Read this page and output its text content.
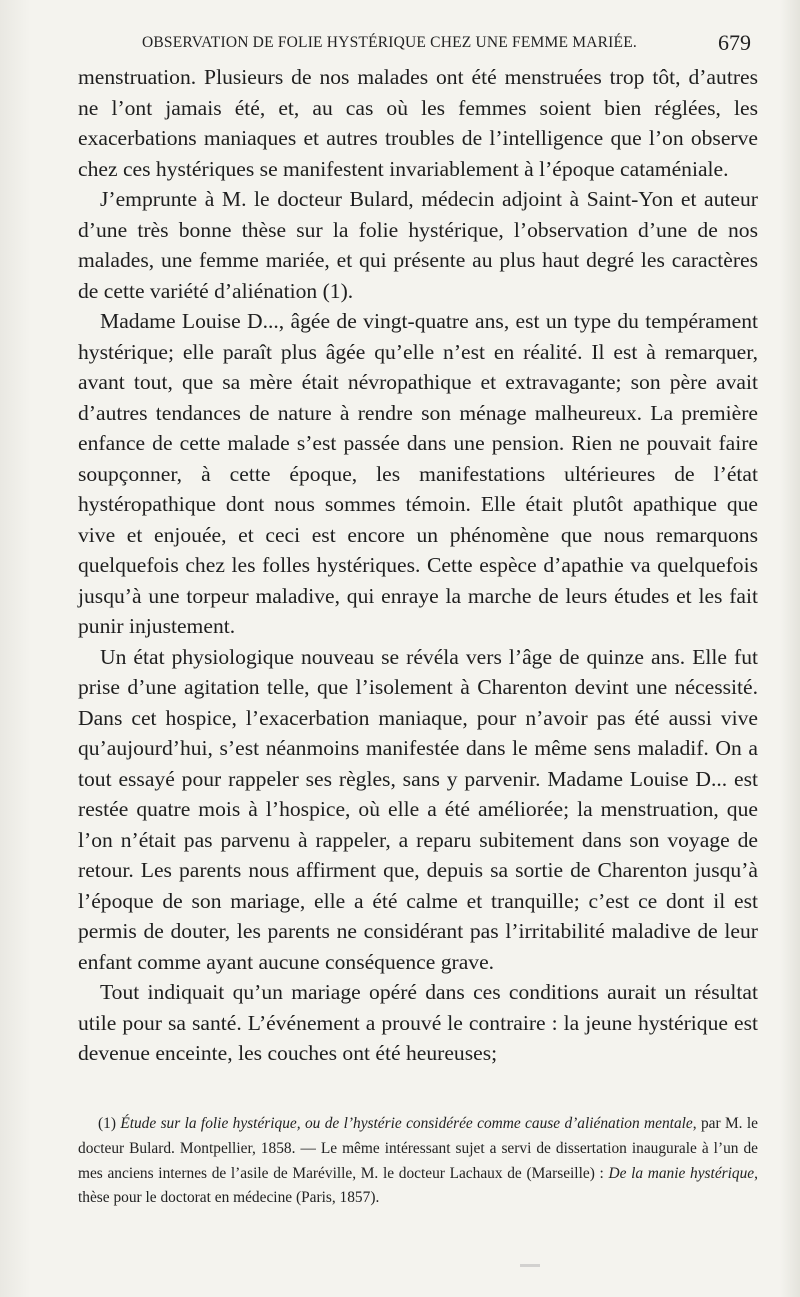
OBSERVATION DE FOLIE HYSTÉRIQUE CHEZ UNE FEMME MARIÉE.	679

menstruation. Plusieurs de nos malades ont été menstruées trop tôt, d’autres ne l’ont jamais été, et, au cas où les femmes soient bien réglées, les exacerbations maniaques et autres troubles de l’intelligence que l’on observe chez ces hystériques se manifestent invariablement à l’époque cataméniale.

J’emprunte à M. le docteur Bulard, médecin adjoint à Saint-Yon et auteur d’une très bonne thèse sur la folie hystérique, l’observation d’une de nos malades, une femme mariée, et qui présente au plus haut degré les caractères de cette variété d’aliénation (1).

Madame Louise D..., âgée de vingt-quatre ans, est un type du tempérament hystérique; elle paraît plus âgée qu’elle n’est en réalité. Il est à remarquer, avant tout, que sa mère était névropathique et extravagante; son père avait d’autres tendances de nature à rendre son ménage malheureux. La première enfance de cette malade s’est passée dans une pension. Rien ne pouvait faire soupçonner, à cette époque, les manifestations ultérieures de l’état hystéropathique dont nous sommes témoin. Elle était plutôt apathique que vive et enjouée, et ceci est encore un phénomène que nous remarquons quelquefois chez les folles hystériques. Cette espèce d’apathie va quelquefois jusqu’à une torpeur maladive, qui enraye la marche de leurs études et les fait punir injustement.

Un état physiologique nouveau se révéla vers l’âge de quinze ans. Elle fut prise d’une agitation telle, que l’isolement à Charenton devint une nécessité. Dans cet hospice, l’exacerbation maniaque, pour n’avoir pas été aussi vive qu’aujourd’hui, s’est néanmoins manifestée dans le même sens maladif. On a tout essayé pour rappeler ses règles, sans y parvenir. Madame Louise D... est restée quatre mois à l’hospice, où elle a été améliorée; la menstruation, que l’on n’était pas parvenu à rappeler, a reparu subitement dans son voyage de retour. Les parents nous affirment que, depuis sa sortie de Charenton jusqu’à l’époque de son mariage, elle a été calme et tranquille; c’est ce dont il est permis de douter, les parents ne considérant pas l’irritabilité maladive de leur enfant comme ayant aucune conséquence grave.

Tout indiquait qu’un mariage opéré dans ces conditions aurait un résultat utile pour sa santé. L’événement a prouvé le contraire : la jeune hystérique est devenue enceinte, les couches ont été heureuses;

(1) Étude sur la folie hystérique, ou de l’hystérie considérée comme cause d’aliénation mentale, par M. le docteur Bulard. Montpellier, 1858. — Le même intéressant sujet a servi de dissertation inaugurale à l’un de mes anciens internes de l’asile de Maréville, M. le docteur Lachaux de (Marseille) : De la manie hystérique, thèse pour le doctorat en médecine (Paris, 1857).
